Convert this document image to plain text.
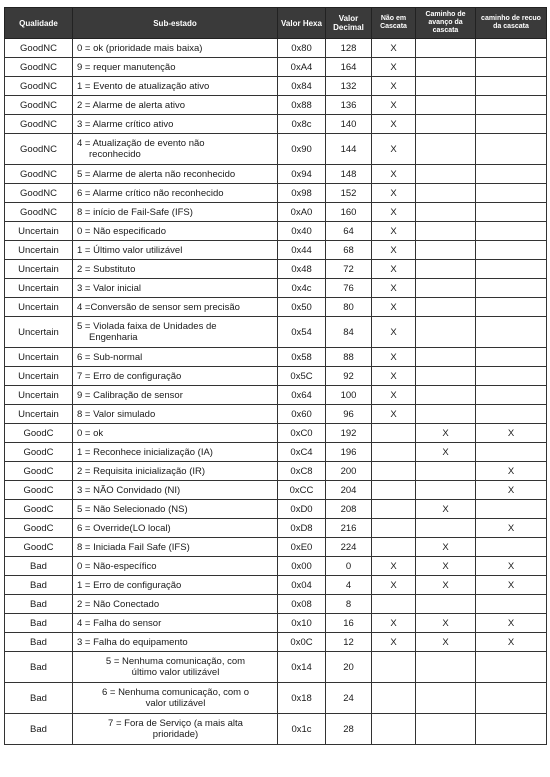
Qualidade	Sub-estado	Valor Hexa	Valor Decimal	Não em Cascata	Caminho de avanço da cascata	caminho de recuo da cascata
GoodNC	0 = ok (prioridade mais baixa)	0x80	128	X		
GoodNC	9 = requer manutenção	0xA4	164	X		
GoodNC	1 = Evento de atualização ativo	0x84	132	X		
GoodNC	2 = Alarme de alerta ativo	0x88	136	X		
GoodNC	3 = Alarme crítico ativo	0x8c	140	X		
GoodNC	4 = Atualização de evento não
reconhecido	0x90	144	X		
GoodNC	5 = Alarme de alerta não reconhecido	0x94	148	X		
GoodNC	6 = Alarme crítico não reconhecido	0x98	152	X		
GoodNC	8 = início de Fail-Safe (IFS)	0xA0	160	X		
Uncertain	0 = Não especificado	0x40	64	X		
Uncertain	1 = Último valor utilizável	0x44	68	X		
Uncertain	2 = Substituto	0x48	72	X		
Uncertain	3 = Valor inicial	0x4c	76	X		
Uncertain	4 =Conversão de sensor sem precisão	0x50	80	X		
Uncertain	5 = Violada faixa de Unidades de
Engenharia	0x54	84	X		
Uncertain	6 = Sub-normal	0x58	88	X		
Uncertain	7 = Erro de configuração	0x5C	92	X		
Uncertain	9 = Calibração de sensor	0x64	100	X		
Uncertain	8 = Valor simulado	0x60	96	X		
GoodC	0 = ok	0xC0	192		X	X
GoodC	1 = Reconhece inicialização (IA)	0xC4	196		X	
GoodC	2 = Requisita inicialização (IR)	0xC8	200			X
GoodC	3 = NÃO Convidado (NI)	0xCC	204			X
GoodC	5 = Não Selecionado (NS)	0xD0	208		X	
GoodC	6 = Override(LO local)	0xD8	216			X
GoodC	8 = Iniciada Fail Safe (IFS)	0xE0	224		X	
Bad	0 = Não-específico	0x00	0	X	X	X
Bad	1 = Erro de configuração	0x04	4	X	X	X
Bad	2 = Não Conectado	0x08	8			
Bad	4 = Falha do sensor	0x10	16	X	X	X
Bad	3 = Falha do equipamento	0x0C	12	X	X	X
Bad	5 = Nenhuma comunicação, com
último valor utilizável	0x14	20			
Bad	6 = Nenhuma comunicação, com o
valor utilizável	0x18	24			
Bad	7 = Fora de Serviço (a mais alta
prioridade)	0x1c	28			
